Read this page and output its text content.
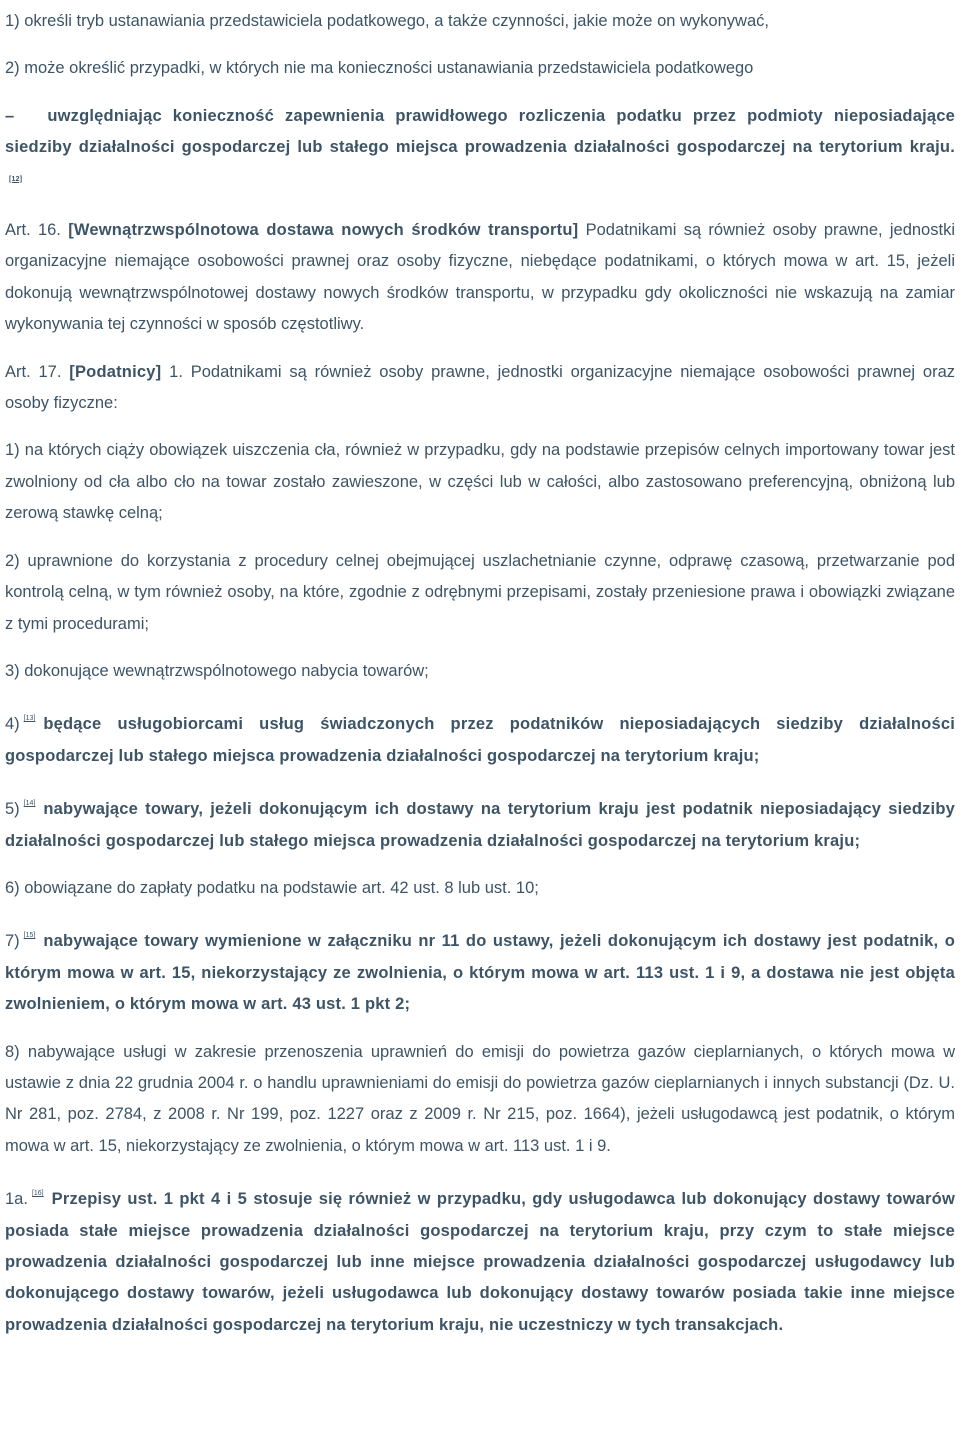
1) określi tryb ustanawiania przedstawiciela podatkowego, a także czynności, jakie może on wykonywać,
2) może określić przypadki, w których nie ma konieczności ustanawiania przedstawiciela podatkowego
– uwzględniając konieczność zapewnienia prawidłowego rozliczenia podatku przez podmioty nieposiadające siedziby działalności gospodarczej lub stałego miejsca prowadzenia działalności gospodarczej na terytorium kraju.[12]
Art. 16. [Wewnątrzwspólnotowa dostawa nowych środków transportu] Podatnikami są również osoby prawne, jednostki organizacyjne niemające osobowości prawnej oraz osoby fizyczne, niebędące podatnikami, o których mowa w art. 15, jeżeli dokonują wewnątrzwspólnotowej dostawy nowych środków transportu, w przypadku gdy okoliczności nie wskazują na zamiar wykonywania tej czynności w sposób częstotliwy.
Art. 17. [Podatnicy] 1. Podatnikami są również osoby prawne, jednostki organizacyjne niemające osobowości prawnej oraz osoby fizyczne:
1) na których ciąży obowiązek uiszczenia cła, również w przypadku, gdy na podstawie przepisów celnych importowany towar jest zwolniony od cła albo cło na towar zostało zawieszone, w części lub w całości, albo zastosowano preferencyjną, obniżoną lub zerową stawkę celną;
2) uprawnione do korzystania z procedury celnej obejmującej uszlachetnianie czynne, odprawę czasową, przetwarzanie pod kontrolą celną, w tym również osoby, na które, zgodnie z odrębnymi przepisami, zostały przeniesione prawa i obowiązki związane z tymi procedurami;
3) dokonujące wewnątrzwspólnotowego nabycia towarów;
4) [13] będące usługobiorcami usług świadczonych przez podatników nieposiadających siedziby działalności gospodarczej lub stałego miejsca prowadzenia działalności gospodarczej na terytorium kraju;
5) [14] nabywające towary, jeżeli dokonującym ich dostawy na terytorium kraju jest podatnik nieposiadający siedziby działalności gospodarczej lub stałego miejsca prowadzenia działalności gospodarczej na terytorium kraju;
6) obowiązane do zapłaty podatku na podstawie art. 42 ust. 8 lub ust. 10;
7) [15] nabywające towary wymienione w załączniku nr 11 do ustawy, jeżeli dokonującym ich dostawy jest podatnik, o którym mowa w art. 15, niekorzystający ze zwolnienia, o którym mowa w art. 113 ust. 1 i 9, a dostawa nie jest objęta zwolnieniem, o którym mowa w art. 43 ust. 1 pkt 2;
8) nabywające usługi w zakresie przenoszenia uprawnień do emisji do powietrza gazów cieplarnianych, o których mowa w ustawie z dnia 22 grudnia 2004 r. o handlu uprawnieniami do emisji do powietrza gazów cieplarnianych i innych substancji (Dz. U. Nr 281, poz. 2784, z 2008 r. Nr 199, poz. 1227 oraz z 2009 r. Nr 215, poz. 1664), jeżeli usługodawcą jest podatnik, o którym mowa w art. 15, niekorzystający ze zwolnienia, o którym mowa w art. 113 ust. 1 i 9.
1a. [16] Przepisy ust. 1 pkt 4 i 5 stosuje się również w przypadku, gdy usługodawca lub dokonujący dostawy towarów posiada stałe miejsce prowadzenia działalności gospodarczej na terytorium kraju, przy czym to stałe miejsce prowadzenia działalności gospodarczej lub inne miejsce prowadzenia działalności gospodarczej usługodawcy lub dokonującego dostawy towarów, jeżeli usługodawca lub dokonujący dostawy towarów posiada takie inne miejsce prowadzenia działalności gospodarczej na terytorium kraju, nie uczestniczy w tych transakcjach.
